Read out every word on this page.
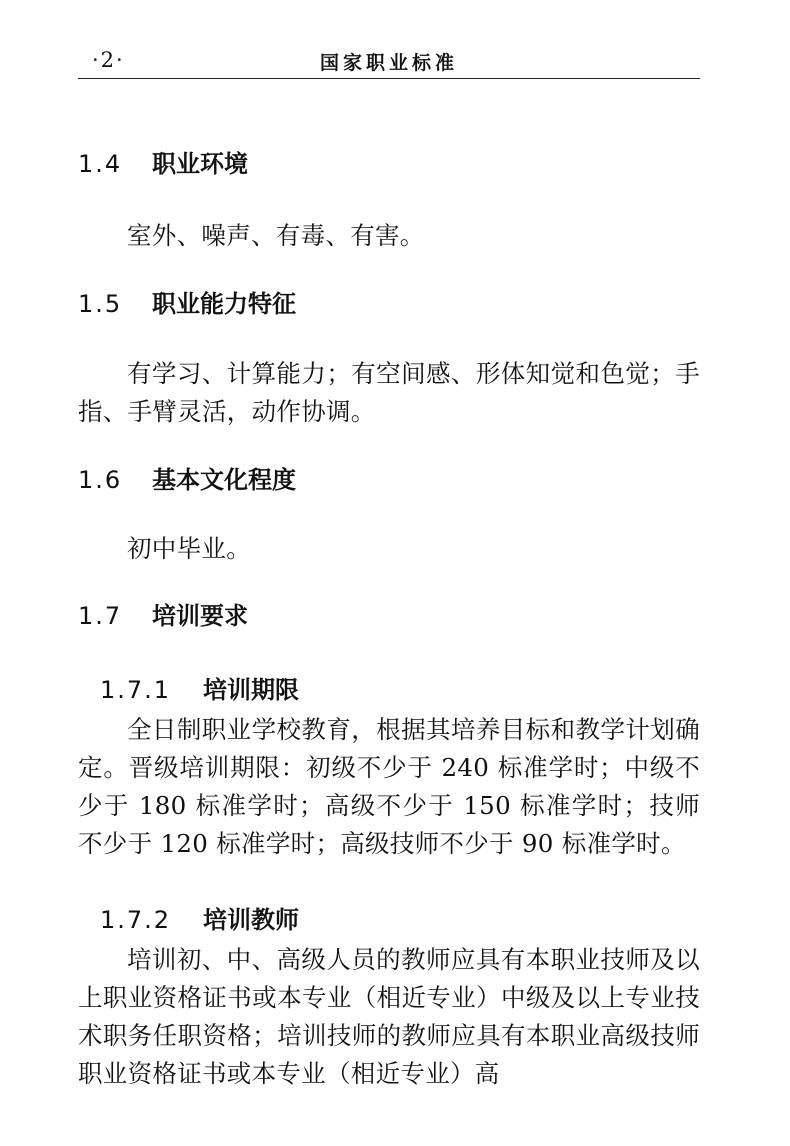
·2·	国家职业标准
1.4 职业环境
室外、噪声、有毒、有害。
1.5 职业能力特征
有学习、计算能力；有空间感、形体知觉和色觉；手指、手臂灵活，动作协调。
1.6 基本文化程度
初中毕业。
1.7 培训要求
1.7.1 培训期限
全日制职业学校教育，根据其培养目标和教学计划确定。晋级培训期限：初级不少于 240 标准学时；中级不少于 180 标准学时；高级不少于 150 标准学时；技师不少于 120 标准学时；高级技师不少于 90 标准学时。
1.7.2 培训教师
培训初、中、高级人员的教师应具有本职业技师及以上职业资格证书或本专业（相近专业）中级及以上专业技术职务任职资格；培训技师的教师应具有本职业高级技师职业资格证书或本专业（相近专业）高
